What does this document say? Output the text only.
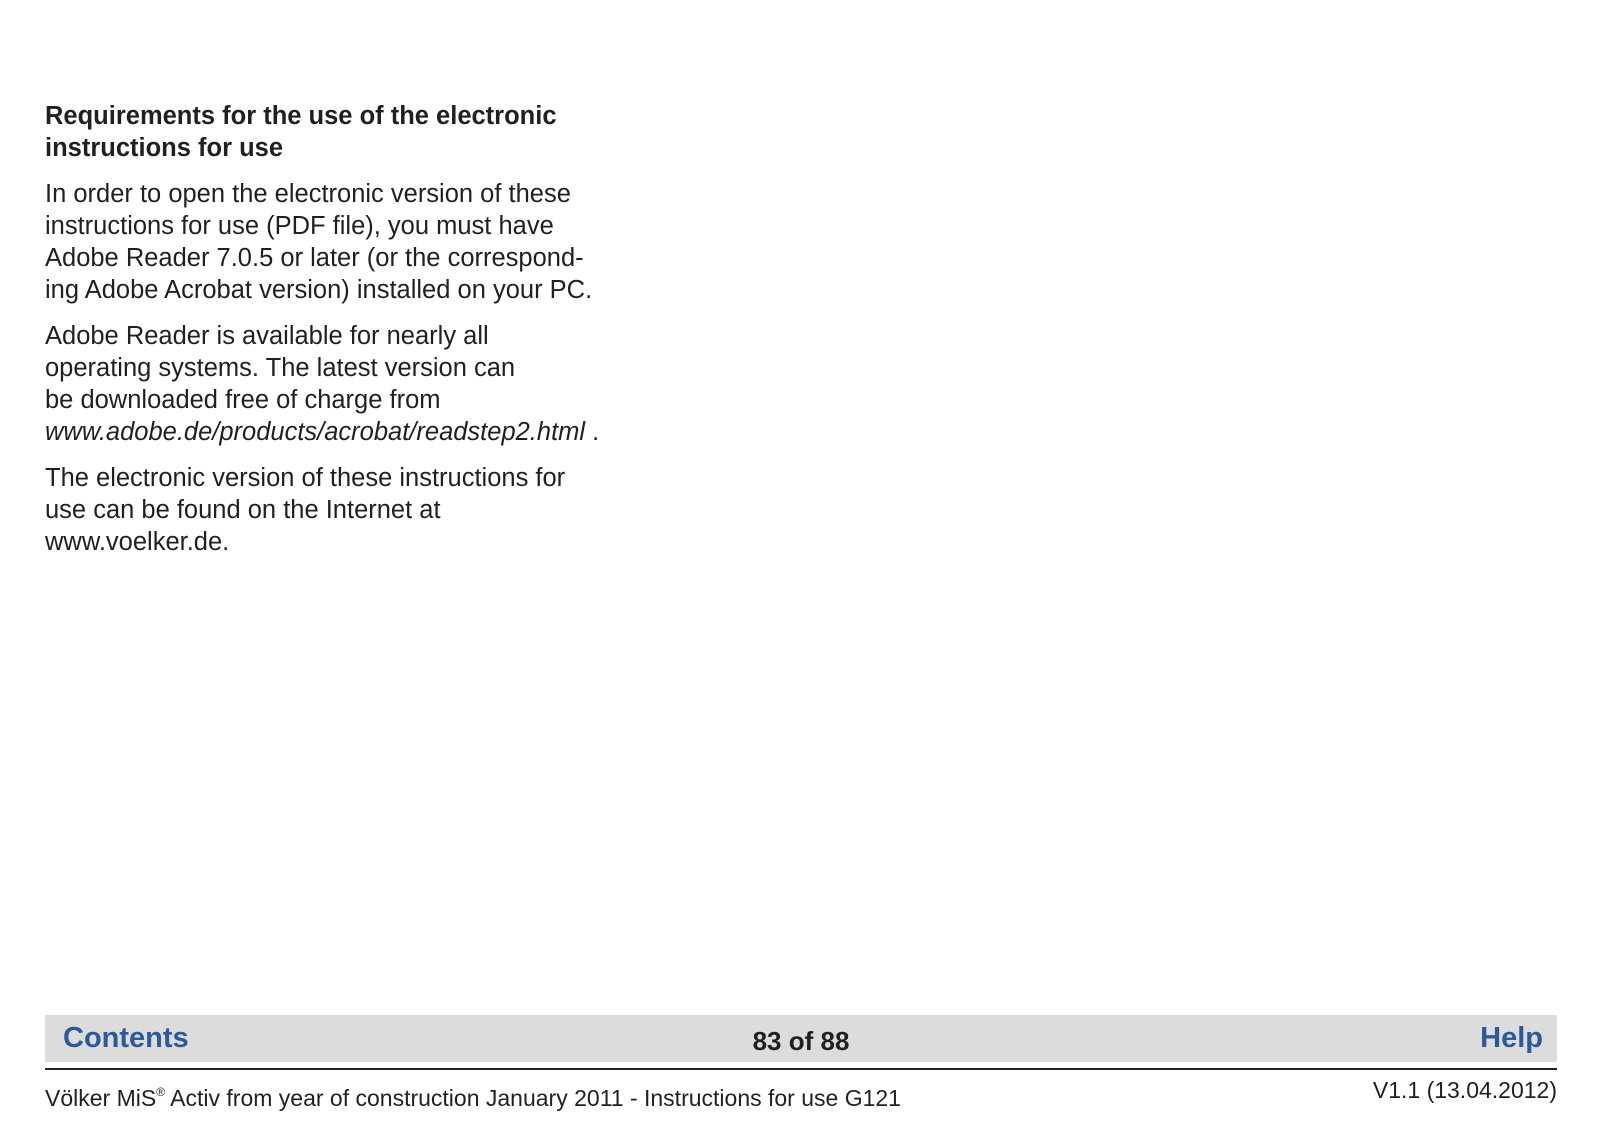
Requirements for the use of the electronic
instructions for use
In order to open the electronic version of these
instructions for use (PDF file), you must have
Adobe Reader 7.0.5 or later (or the correspond-
ing Adobe Acrobat version) installed on your PC.
Adobe Reader is available for nearly all
operating systems. The latest version can
be downloaded free of charge from
www.adobe.de/products/acrobat/readstep2.html .
The electronic version of these instructions for
use can be found on the Internet at
www.voelker.de.
Contents	83 of 88	Help
Völker MiS® Activ from year of construction January 2011 - Instructions for use G121	V1.1 (13.04.2012)
